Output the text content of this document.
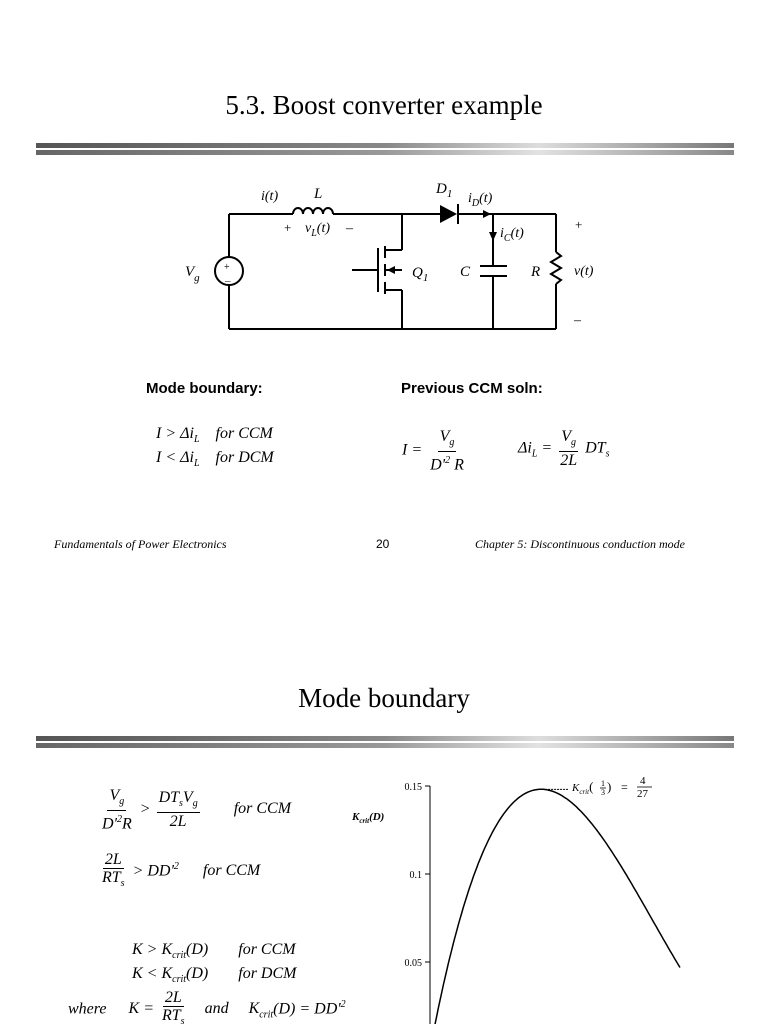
5.3. Boost converter example
+
–
$V_g$
i(t) L
+ $v_L(t)$ –
$D_1$ $i_D(t)$
$i_C(t)$
$Q_1$ C	R
+
v(t)
–
Mode boundary:	Previous CCM soln:
$I > \Delta i_L$ for CCM
$I < \Delta i_L$ for DCM	$I = \frac{V_g}{D'^2 R}$	$\Delta i_L = \frac{V_g}{2L} DT_s$
Fundamentals of Power Electronics	20	Chapter 5: Discontinuous conduction mode
Mode boundary
$\frac{V_g}{D'^2R} > \frac{DT_sV_g}{2L}$ for CCM
$\frac{2L}{RT_s} > DD'^2$ for CCM
$K > K_{crit}(D)$ for CCM
$K < K_{crit}(D)$ for DCM
where $K = \frac{2L}{RT_s}$ and $K_{crit}(D) = DD'^2$
0.15
0.1
0.05
$K_{crit}(D)$
$K_{crit}$( 1
3 ) = 4
27
